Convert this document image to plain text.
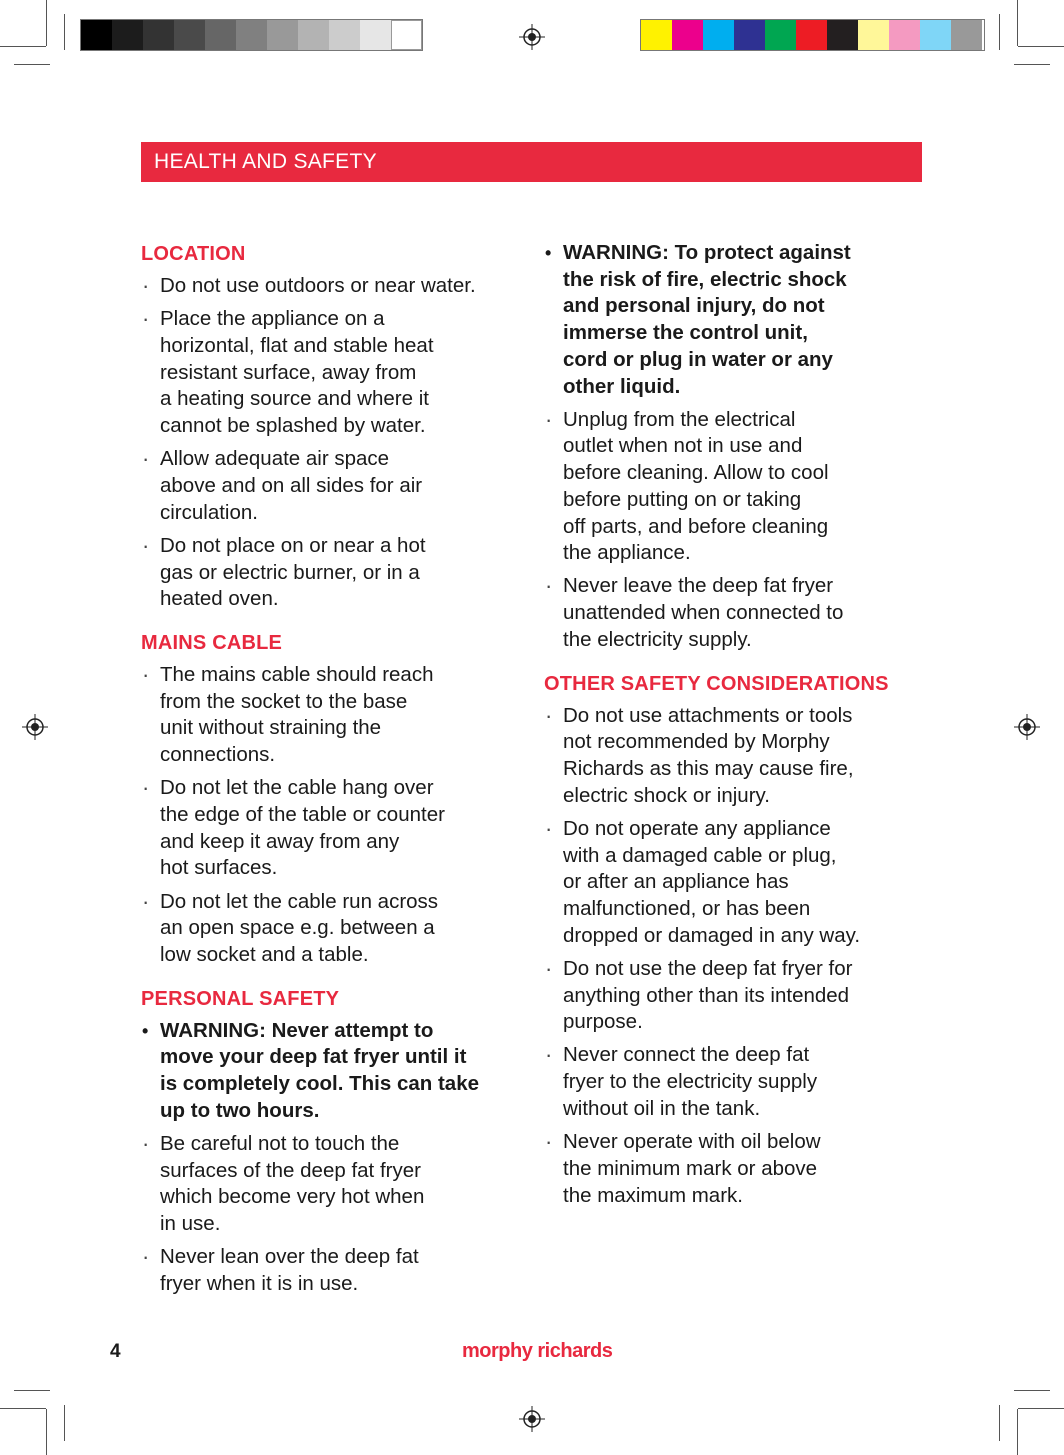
HEALTH AND SAFETY
LOCATION
· Do not use outdoors or near water.
· Place the appliance on a
horizontal, flat and stable heat
resistant surface, away from
a heating source and where it
cannot be splashed by water.
· Allow adequate air space
above and on all sides for air
circulation.
· Do not place on or near a hot
gas or electric burner, or in a
heated oven.
MAINS CABLE
· The mains cable should reach
from the socket to the base
unit without straining the
connections.
· Do not let the cable hang over
the edge of the table or counter
and keep it away from any
hot surfaces.
· Do not let the cable run across
an open space e.g. between a
low socket and a table.
PERSONAL SAFETY
• WARNING: Never attempt to
move your deep fat fryer until it
is completely cool. This can take
up to two hours.
· Be careful not to touch the
surfaces of the deep fat fryer
which become very hot when
in use.
· Never lean over the deep fat
fryer when it is in use.
• WARNING: To protect against
the risk of fire, electric shock
and personal injury, do not
immerse the control unit,
cord or plug in water or any
other liquid.
· Unplug from the electrical
outlet when not in use and
before cleaning. Allow to cool
before putting on or taking
off parts, and before cleaning
the appliance.
· Never leave the deep fat fryer
unattended when connected to
the electricity supply.
OTHER SAFETY CONSIDERATIONS
· Do not use attachments or tools
not recommended by Morphy
Richards as this may cause fire,
electric shock or injury.
· Do not operate any appliance
with a damaged cable or plug,
or after an appliance has
malfunctioned, or has been
dropped or damaged in any way.
· Do not use the deep fat fryer for
anything other than its intended
purpose.
· Never connect the deep fat
fryer to the electricity supply
without oil in the tank.
· Never operate with oil below
the minimum mark or above
the maximum mark.
4	morphy richards
